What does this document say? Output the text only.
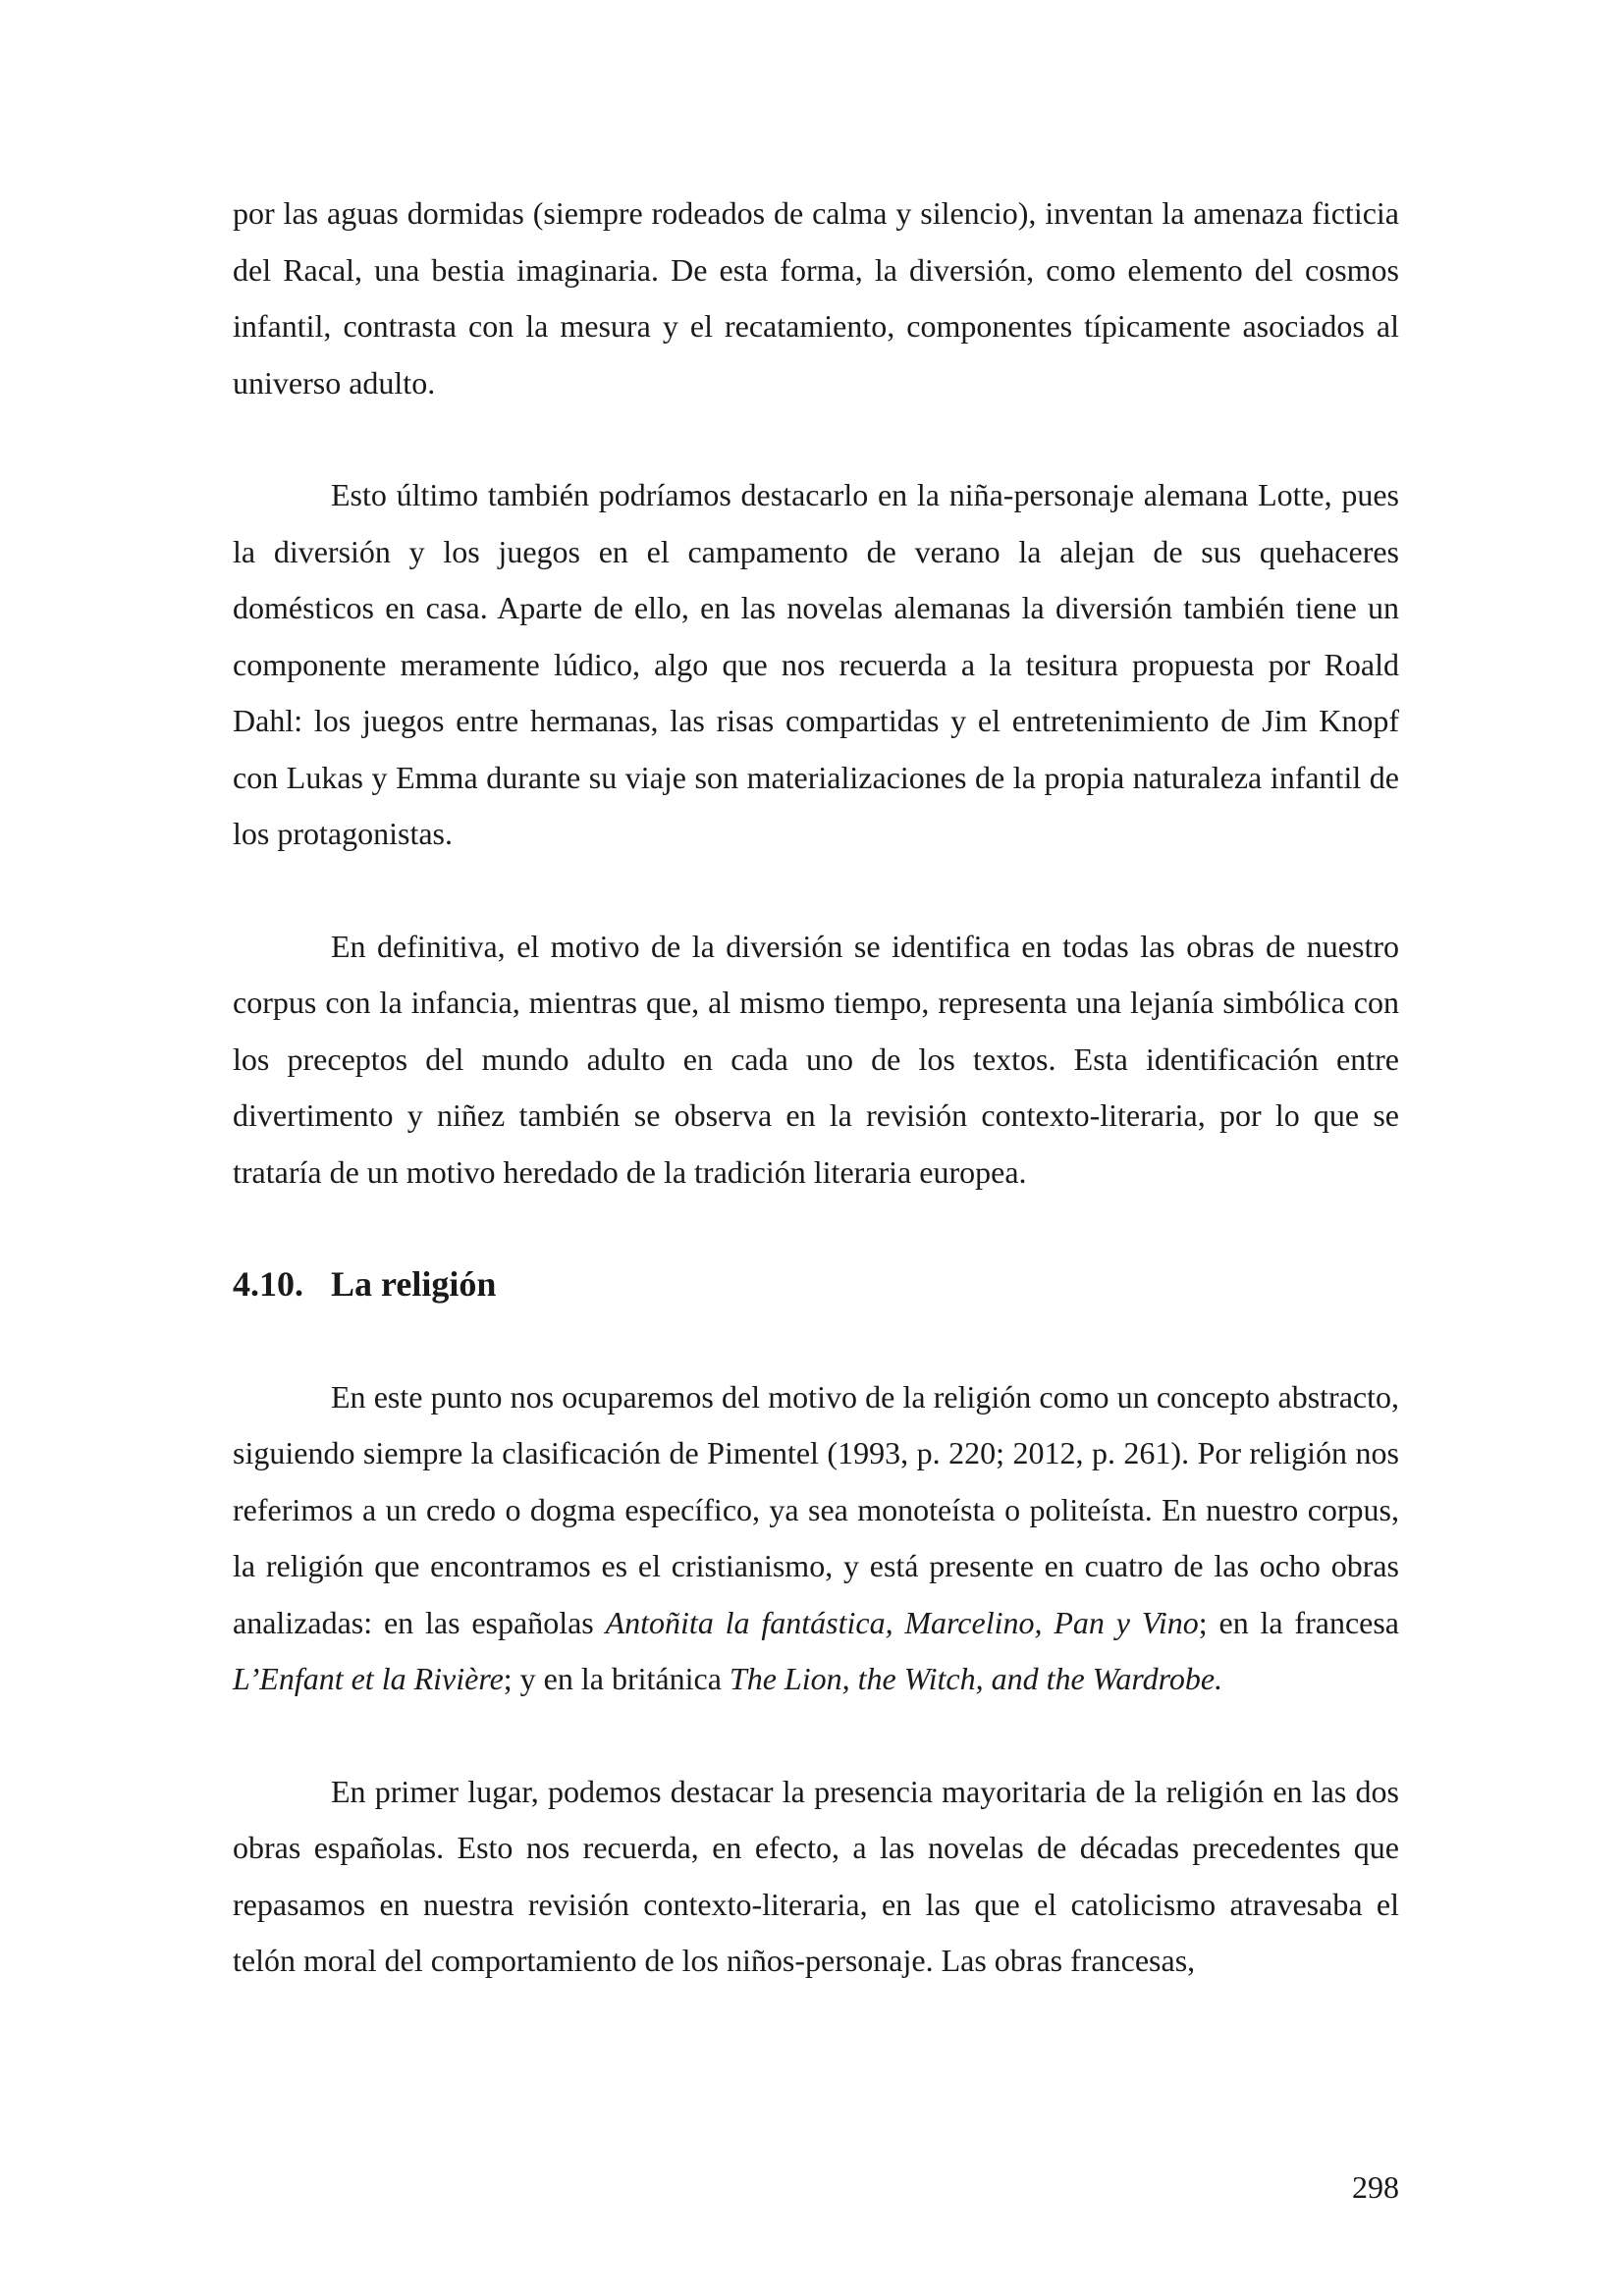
por las aguas dormidas (siempre rodeados de calma y silencio), inventan la amenaza ficticia del Racal, una bestia imaginaria. De esta forma, la diversión, como elemento del cosmos infantil, contrasta con la mesura y el recatamiento, componentes típicamente asociados al universo adulto.

Esto último también podríamos destacarlo en la niña-personaje alemana Lotte, pues la diversión y los juegos en el campamento de verano la alejan de sus quehaceres domésticos en casa. Aparte de ello, en las novelas alemanas la diversión también tiene un componente meramente lúdico, algo que nos recuerda a la tesitura propuesta por Roald Dahl: los juegos entre hermanas, las risas compartidas y el entretenimiento de Jim Knopf con Lukas y Emma durante su viaje son materializaciones de la propia naturaleza infantil de los protagonistas.

En definitiva, el motivo de la diversión se identifica en todas las obras de nuestro corpus con la infancia, mientras que, al mismo tiempo, representa una lejanía simbólica con los preceptos del mundo adulto en cada uno de los textos. Esta identificación entre divertimento y niñez también se observa en la revisión contexto-literaria, por lo que se trataría de un motivo heredado de la tradición literaria europea.

4.10. La religión

En este punto nos ocuparemos del motivo de la religión como un concepto abstracto, siguiendo siempre la clasificación de Pimentel (1993, p. 220; 2012, p. 261). Por religión nos referimos a un credo o dogma específico, ya sea monoteísta o politeísta. En nuestro corpus, la religión que encontramos es el cristianismo, y está presente en cuatro de las ocho obras analizadas: en las españolas Antoñita la fantástica, Marcelino, Pan y Vino; en la francesa L’Enfant et la Rivière; y en la británica The Lion, the Witch, and the Wardrobe.

En primer lugar, podemos destacar la presencia mayoritaria de la religión en las dos obras españolas. Esto nos recuerda, en efecto, a las novelas de décadas precedentes que repasamos en nuestra revisión contexto-literaria, en las que el catolicismo atravesaba el telón moral del comportamiento de los niños-personaje. Las obras francesas,

298
